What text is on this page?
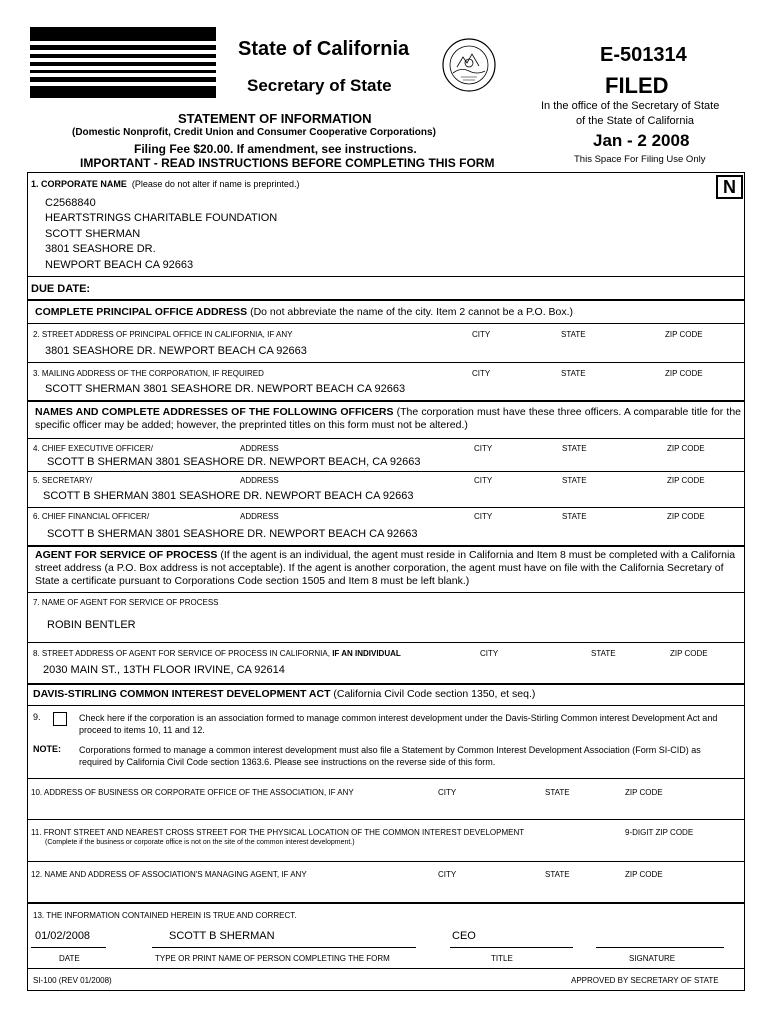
State of California
Secretary of State
E-501314
FILED
In the office of the Secretary of State
of the State of California
Jan - 2 2008
This Space For Filing Use Only
STATEMENT OF INFORMATION
(Domestic Nonprofit, Credit Union and Consumer Cooperative Corporations)
Filing Fee $20.00. If amendment, see instructions.
IMPORTANT - READ INSTRUCTIONS BEFORE COMPLETING THIS FORM
N
1. CORPORATE NAME (Please do not alter if name is preprinted.)
C2568840
HEARTSTRINGS CHARITABLE FOUNDATION
SCOTT SHERMAN
3801 SEASHORE DR.
NEWPORT BEACH CA 92663
DUE DATE:
COMPLETE PRINCIPAL OFFICE ADDRESS (Do not abbreviate the name of the city. Item 2 cannot be a P.O. Box.)
2. STREET ADDRESS OF PRINCIPAL OFFICE IN CALIFORNIA, IF ANY	CITY	STATE	ZIP CODE
3801 SEASHORE DR. NEWPORT BEACH CA 92663
3. MAILING ADDRESS OF THE CORPORATION, IF REQUIRED	CITY	STATE	ZIP CODE
SCOTT SHERMAN 3801 SEASHORE DR. NEWPORT BEACH CA 92663
NAMES AND COMPLETE ADDRESSES OF THE FOLLOWING OFFICERS (The corporation must have these three officers. A comparable title for the specific officer may be added; however, the preprinted titles on this form must not be altered.)
4. CHIEF EXECUTIVE OFFICER/	ADDRESS	CITY	STATE	ZIP CODE
SCOTT B SHERMAN 3801 SEASHORE DR. NEWPORT BEACH, CA 92663
5. SECRETARY/	ADDRESS	CITY	STATE	ZIP CODE
SCOTT B SHERMAN 3801 SEASHORE DR. NEWPORT BEACH CA 92663
6. CHIEF FINANCIAL OFFICER/	ADDRESS	CITY	STATE	ZIP CODE
SCOTT B SHERMAN 3801 SEASHORE DR. NEWPORT BEACH CA 92663
AGENT FOR SERVICE OF PROCESS (If the agent is an individual, the agent must reside in California and Item 8 must be completed with a California street address (a P.O. Box address is not acceptable). If the agent is another corporation, the agent must have on file with the California Secretary of State a certificate pursuant to Corporations Code section 1505 and Item 8 must be left blank.)
7. NAME OF AGENT FOR SERVICE OF PROCESS
ROBIN BENTLER
8. STREET ADDRESS OF AGENT FOR SERVICE OF PROCESS IN CALIFORNIA, IF AN INDIVIDUAL	CITY	STATE	ZIP CODE
2030 MAIN ST., 13TH FLOOR IRVINE, CA 92614
DAVIS-STIRLING COMMON INTEREST DEVELOPMENT ACT (California Civil Code section 1350, et seq.)
9.	Check here if the corporation is an association formed to manage common interest development under the Davis-Stirling Common interest Development Act and proceed to items 10, 11 and 12.
NOTE: Corporations formed to manage a common interest development must also file a Statement by Common Interest Development Association (Form SI-CID) as required by California Civil Code section 1363.6. Please see instructions on the reverse side of this form.
10. ADDRESS OF BUSINESS OR CORPORATE OFFICE OF THE ASSOCIATION, IF ANY	CITY	STATE	ZIP CODE
11. FRONT STREET AND NEAREST CROSS STREET FOR THE PHYSICAL LOCATION OF THE COMMON INTEREST DEVELOPMENT	9-DIGIT ZIP CODE
(Complete if the business or corporate office is not on the site of the common interest development.)
12. NAME AND ADDRESS OF ASSOCIATION'S MANAGING AGENT, IF ANY	CITY	STATE	ZIP CODE
13. THE INFORMATION CONTAINED HEREIN IS TRUE AND CORRECT.
01/02/2008	SCOTT B SHERMAN	CEO
DATE	TYPE OR PRINT NAME OF PERSON COMPLETING THE FORM	TITLE	SIGNATURE
SI-100 (REV 01/2008)	APPROVED BY SECRETARY OF STATE
